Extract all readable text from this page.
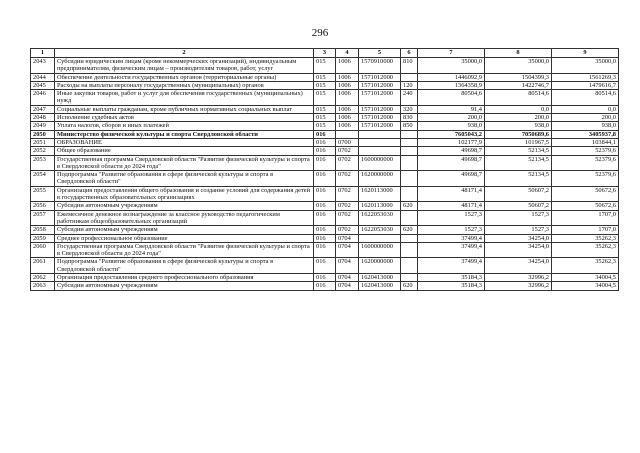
296
1	2	3	4	5	6	7	8	9
2043	Субсидии юридическим лицам (кроме некоммерческих организаций), индивидуальным предпринимателям, физическим лицам – производителям товаров, работ, услуг	015	1006	1570910000	810	35000,0	35000,0	35000,0
2044	Обеспечение деятельности государственных органов (территориальные органы)	015	1006	1571012000		1446092,9	1504399,3	1561269,3
2045	Расходы на выплаты персоналу государственных (муниципальных) органов	015	1006	1571012000	120	1364358,9	1422746,7	1479616,7
2046	Иные закупки товаров, работ и услуг для обеспечения государственных (муниципальных) нужд	015	1006	1571012000	240	80504,6	80514,6	80514,6
2047	Социальные выплаты гражданам, кроме публичных нормативных социальных выплат	015	1006	1571012000	320	91,4	0,0	0,0
2048	Исполнение судебных актов	015	1006	1571012000	830	200,0	200,0	200,0
2049	Уплата налогов, сборов и иных платежей	015	1006	1571012000	850	938,0	938,0	938,0
2050	Министерство физической культуры и спорта Свердловской области	016				7605043,2	7050689,6	3405937,8
2051	ОБРАЗОВАНИЕ	016	0700			102177,9	101967,5	103844,1
2052	Общее образование	016	0702			49698,7	52134,5	52379,6
2053	Государственная программа Свердловской области "Развитие физической культуры и спорта в Свердловской области до 2024 года"	016	0702	1600000000		49698,7	52134,5	52379,6
2054	Подпрограмма "Развитие образования в сфере физической культуры и спорта в Свердловской области"	016	0702	1620000000		49698,7	52134,5	52379,6
2055	Организация предоставления общего образования и создание условий для содержания детей в государственных образовательных организациях	016	0702	1620113000		48171,4	50607,2	50672,6
2056	Субсидии автономным учреждениям	016	0702	1620113000	620	48171,4	50607,2	50672,6
2057	Ежемесячное денежное вознаграждение за классное руководство педагогическим работникам общеобразовательных организаций	016	0702	1622053030		1527,3	1527,3	1707,0
2058	Субсидии автономным учреждениям	016	0702	1622053030	620	1527,3	1527,3	1707,0
2059	Среднее профессиональное образование	016	0704			37499,4	34254,0	35262,3
2060	Государственная программа Свердловской области "Развитие физической культуры и спорта в Свердловской области до 2024 года"	016	0704	1600000000		37499,4	34254,0	35262,3
2061	Подпрограмма "Развитие образования в сфере физической культуры и спорта в Свердловской области"	016	0704	1620000000		37499,4	34254,0	35262,3
2062	Организация предоставления среднего профессионального образования	016	0704	1620413000		35184,3	32996,2	34004,5
2063	Субсидии автономным учреждениям	016	0704	1620413000	620	35184,3	32996,2	34004,5
